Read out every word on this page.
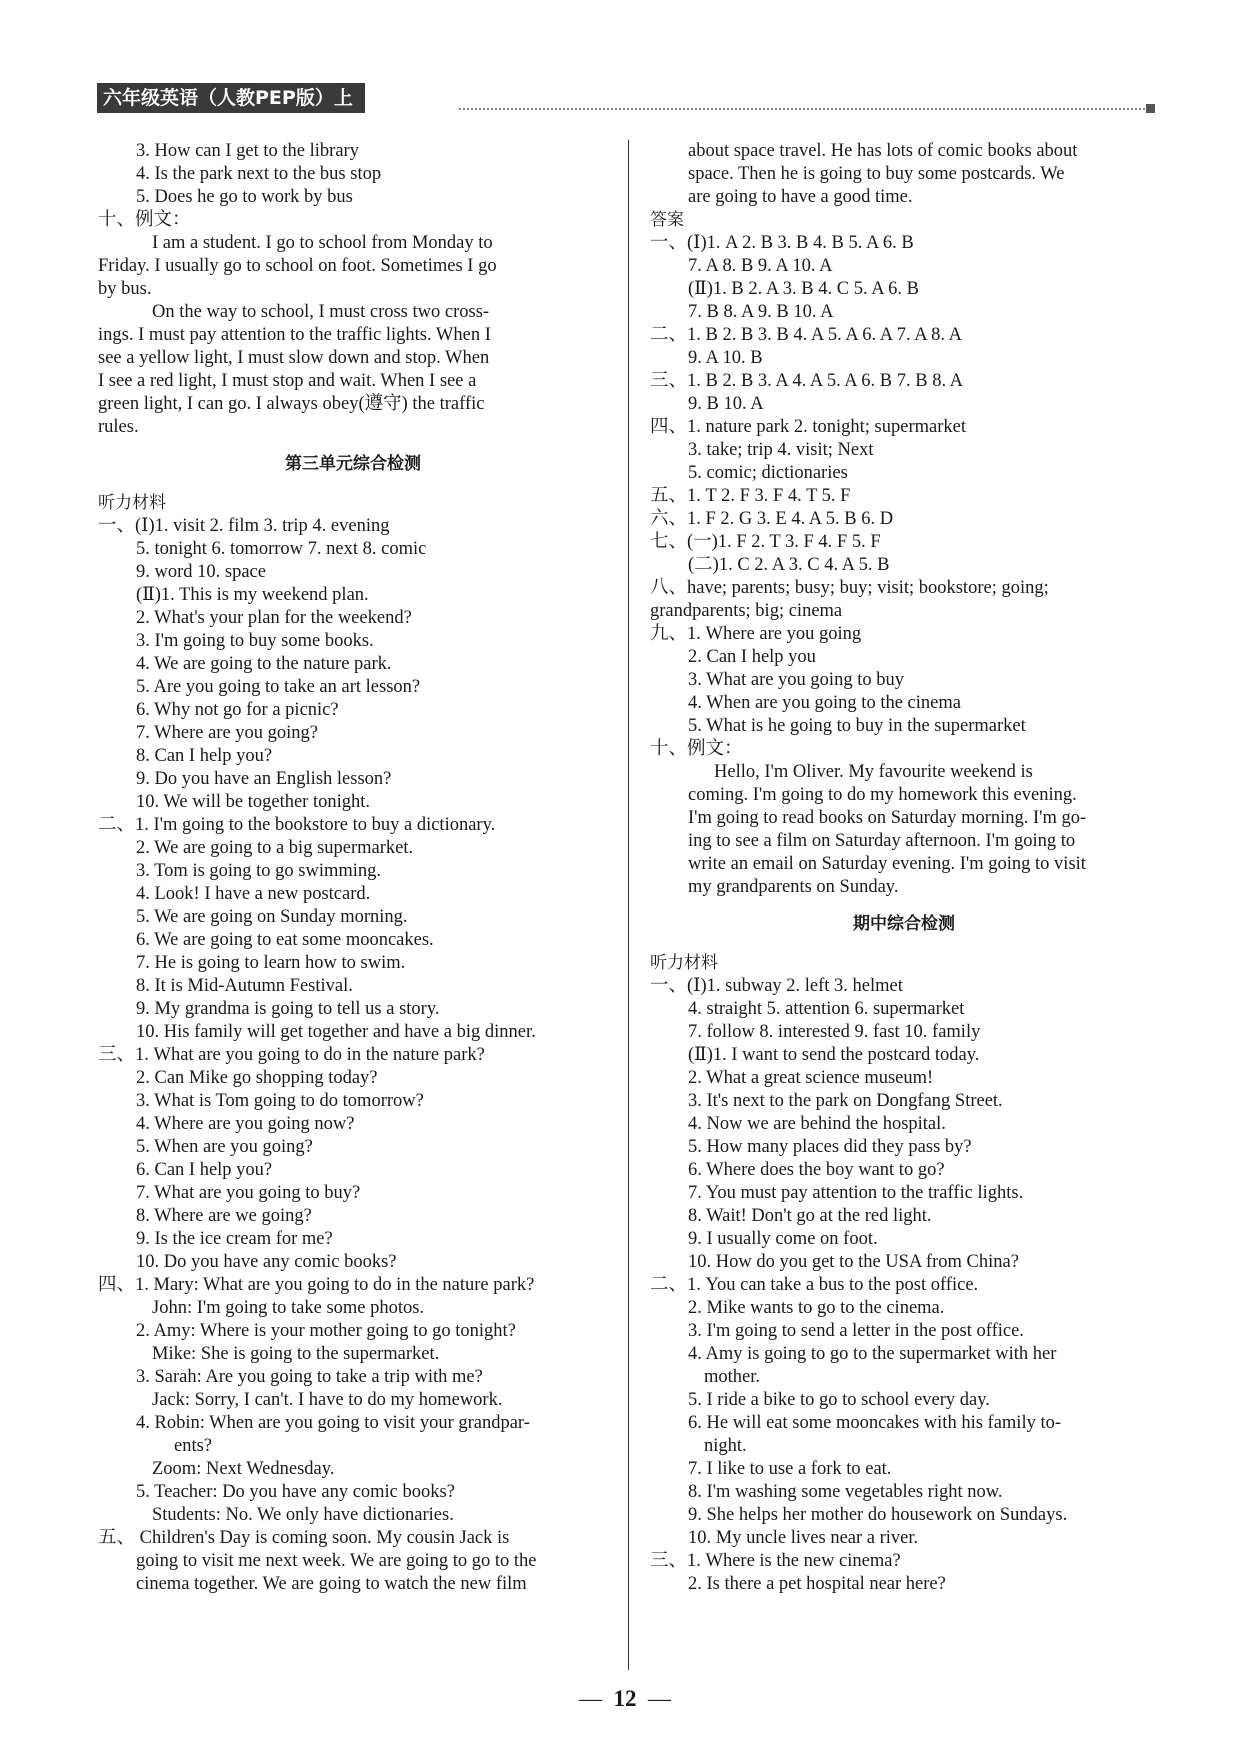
六年级英语（人教PEP版）上
3. How can I get to the library
4. Is the park next to the bus stop
5. Does he go to work by bus
十、例文：
I am a student. I go to school from Monday to
Friday. I usually go to school on foot. Sometimes I go
by bus.
On the way to school, I must cross two cross-
ings. I must pay attention to the traffic lights. When I
see a yellow light, I must slow down and stop. When
I see a red light, I must stop and wait. When I see a
green light, I can go. I always obey(遵守) the traffic
rules.
第三单元综合检测
听力材料
一、(Ⅰ)1. visit 2. film 3. trip 4. evening
5. tonight 6. tomorrow 7. next 8. comic
9. word 10. space
(Ⅱ)1. This is my weekend plan.
2. What's your plan for the weekend?
3. I'm going to buy some books.
4. We are going to the nature park.
5. Are you going to take an art lesson?
6. Why not go for a picnic?
7. Where are you going?
8. Can I help you?
9. Do you have an English lesson?
10. We will be together tonight.
二、1. I'm going to the bookstore to buy a dictionary.
2. We are going to a big supermarket.
3. Tom is going to go swimming.
4. Look! I have a new postcard.
5. We are going on Sunday morning.
6. We are going to eat some mooncakes.
7. He is going to learn how to swim.
8. It is Mid-Autumn Festival.
9. My grandma is going to tell us a story.
10. His family will get together and have a big dinner.
三、1. What are you going to do in the nature park?
2. Can Mike go shopping today?
3. What is Tom going to do tomorrow?
4. Where are you going now?
5. When are you going?
6. Can I help you?
7. What are you going to buy?
8. Where are we going?
9. Is the ice cream for me?
10. Do you have any comic books?
四、1. Mary: What are you going to do in the nature park?
John: I'm going to take some photos.
2. Amy: Where is your mother going to go tonight?
Mike: She is going to the supermarket.
3. Sarah: Are you going to take a trip with me?
Jack: Sorry, I can't. I have to do my homework.
4. Robin: When are you going to visit your grandpar-
ents?
Zoom: Next Wednesday.
5. Teacher: Do you have any comic books?
Students: No. We only have dictionaries.
五、 Children's Day is coming soon. My cousin Jack is
going to visit me next week. We are going to go to the
cinema together. We are going to watch the new film
about space travel. He has lots of comic books about
space. Then he is going to buy some postcards. We
are going to have a good time.
答案
一、(Ⅰ)1. A 2. B 3. B 4. B 5. A 6. B
7. A 8. B 9. A 10. A
(Ⅱ)1. B 2. A 3. B 4. C 5. A 6. B
7. B 8. A 9. B 10. A
二、1. B 2. B 3. B 4. A 5. A 6. A 7. A 8. A
9. A 10. B
三、1. B 2. B 3. A 4. A 5. A 6. B 7. B 8. A
9. B 10. A
四、1. nature park 2. tonight; supermarket
3. take; trip 4. visit; Next
5. comic; dictionaries
五、1. T 2. F 3. F 4. T 5. F
六、1. F 2. G 3. E 4. A 5. B 6. D
七、(一)1. F 2. T 3. F 4. F 5. F
(二)1. C 2. A 3. C 4. A 5. B
八、have; parents; busy; buy; visit; bookstore; going;
grandparents; big; cinema
九、1. Where are you going
2. Can I help you
3. What are you going to buy
4. When are you going to the cinema
5. What is he going to buy in the supermarket
十、例文：
Hello, I'm Oliver. My favourite weekend is
coming. I'm going to do my homework this evening.
I'm going to read books on Saturday morning. I'm go-
ing to see a film on Saturday afternoon. I'm going to
write an email on Saturday evening. I'm going to visit
my grandparents on Sunday.
期中综合检测
听力材料
一、(Ⅰ)1. subway 2. left 3. helmet
4. straight 5. attention 6. supermarket
7. follow 8. interested 9. fast 10. family
(Ⅱ)1. I want to send the postcard today.
2. What a great science museum!
3. It's next to the park on Dongfang Street.
4. Now we are behind the hospital.
5. How many places did they pass by?
6. Where does the boy want to go?
7. You must pay attention to the traffic lights.
8. Wait! Don't go at the red light.
9. I usually come on foot.
10. How do you get to the USA from China?
二、1. You can take a bus to the post office.
2. Mike wants to go to the cinema.
3. I'm going to send a letter in the post office.
4. Amy is going to go to the supermarket with her
mother.
5. I ride a bike to go to school every day.
6. He will eat some mooncakes with his family to-
night.
7. I like to use a fork to eat.
8. I'm washing some vegetables right now.
9. She helps her mother do housework on Sundays.
10. My uncle lives near a river.
三、1. Where is the new cinema?
2. Is there a pet hospital near here?
— 12 —
